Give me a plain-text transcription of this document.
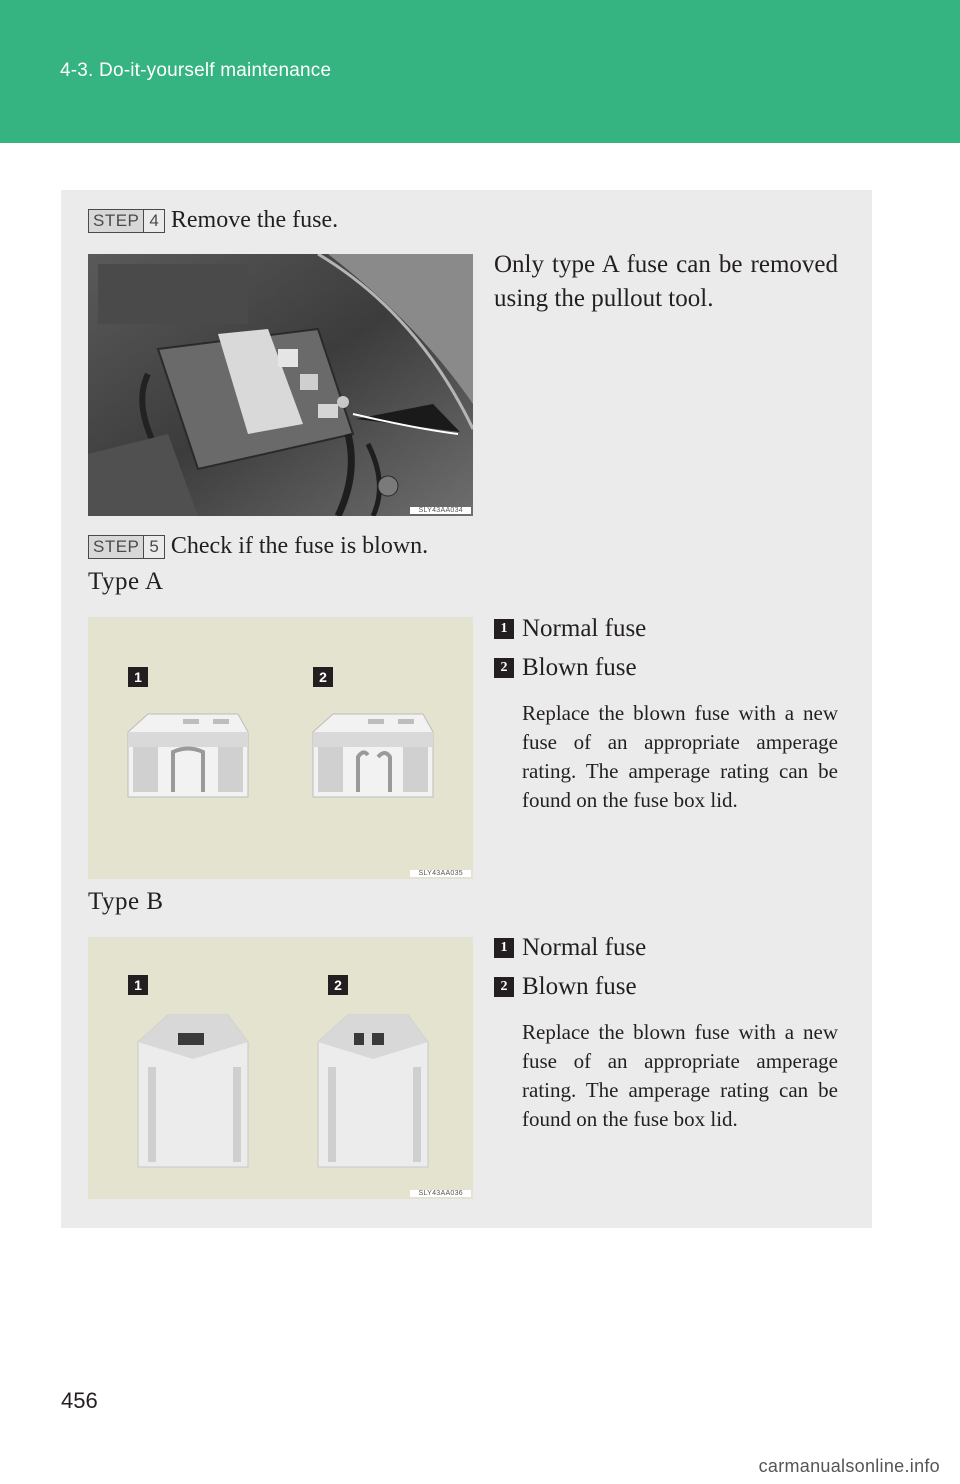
4-3. Do-it-yourself maintenance
STEP 4 Remove the fuse.
SLY43AA034
Only type A fuse can be removed using the pullout tool.
STEP 5 Check if the fuse is blown.
Type A
1	2
SLY43AA035
1 Normal fuse
2 Blown fuse
Replace the blown fuse with a new fuse of an appropriate amperage rating. The amperage rating can be found on the fuse box lid.
Type B
1	2
SLY43AA036
1 Normal fuse
2 Blown fuse
Replace the blown fuse with a new fuse of an appropriate amperage rating. The amperage rating can be found on the fuse box lid.
456
carmanualsonline.info
